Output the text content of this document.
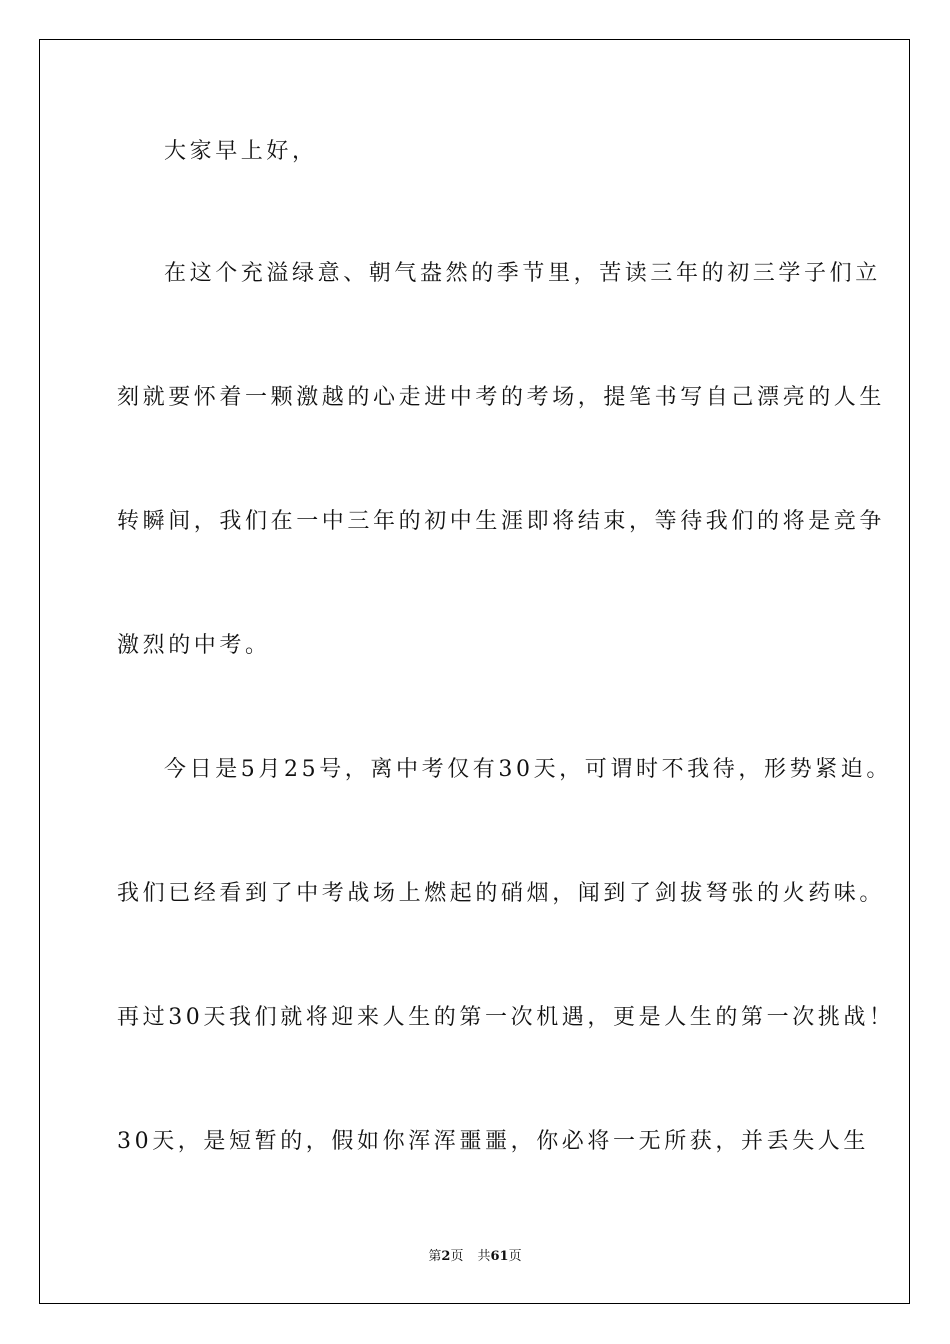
大家早上好，
在这个充溢绿意、朝气盎然的季节里，苦读三年的初三学子们立
刻就要怀着一颗激越的心走进中考的考场，提笔书写自己漂亮的人生
转瞬间，我们在一中三年的初中生涯即将结束，等待我们的将是竞争
激烈的中考。
今日是5月25号，离中考仅有30天，可谓时不我待，形势紧迫。
我们已经看到了中考战场上燃起的硝烟，闻到了剑拔弩张的火药味。
再过30天我们就将迎来人生的第一次机遇，更是人生的第一次挑战！
30天，是短暂的，假如你浑浑噩噩，你必将一无所获，并丢失人生
第2页 共61页
